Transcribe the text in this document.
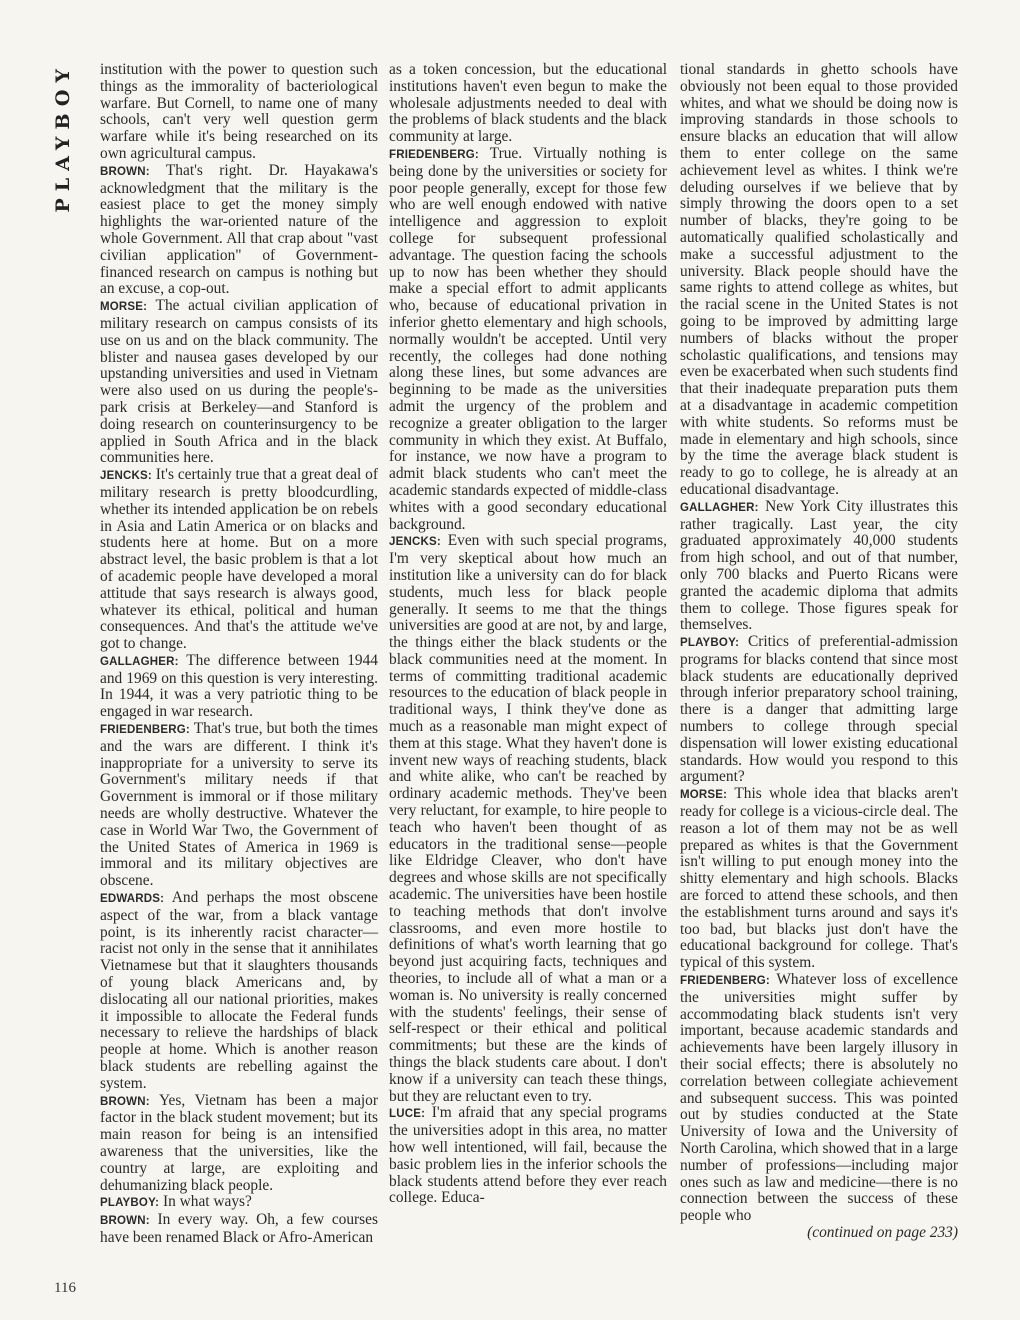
PLAYBOY institution with the power to question such things as the immorality of bacteriological warfare. But Cornell, to name one of many schools, can't very well question germ warfare while it's being researched on its own agricultural campus.

BROWN: That's right. Dr. Hayakawa's acknowledgment that the military is the easiest place to get the money simply highlights the war-oriented nature of the whole Government. All that crap about "vast civilian application" of Government-financed research on campus is nothing but an excuse, a cop-out.

MORSE: The actual civilian application of military research on campus consists of its use on us and on the black community. The blister and nausea gases developed by our upstanding universities and used in Vietnam were also used on us during the people's-park crisis at Berkeley—and Stanford is doing research on counterinsurgency to be applied in South Africa and in the black communities here.

JENCKS: It's certainly true that a great deal of military research is pretty bloodcurdling, whether its intended application be on rebels in Asia and Latin America or on blacks and students here at home. But on a more abstract level, the basic problem is that a lot of academic people have developed a moral attitude that says research is always good, whatever its ethical, political and human consequences. And that's the attitude we've got to change.

GALLAGHER: The difference between 1944 and 1969 on this question is very interesting. In 1944, it was a very patriotic thing to be engaged in war research.

FRIEDENBERG: That's true, but both the times and the wars are different. I think it's inappropriate for a university to serve its Government's military needs if that Government is immoral or if those military needs are wholly destructive. Whatever the case in World War Two, the Government of the United States of America in 1969 is immoral and its military objectives are obscene.

EDWARDS: And perhaps the most obscene aspect of the war, from a black vantage point, is its inherently racist character—racist not only in the sense that it annihilates Vietnamese but that it slaughters thousands of young black Americans and, by dislocating all our national priorities, makes it impossible to allocate the Federal funds necessary to relieve the hardships of black people at home. Which is another reason black students are rebelling against the system.

BROWN: Yes, Vietnam has been a major factor in the black student movement; but its main reason for being is an intensified awareness that the universities, like the country at large, are exploiting and dehumanizing black people.

PLAYBOY: In what ways?

BROWN: In every way. Oh, a few courses have been renamed Black or Afro-American

as a token concession, but the educational institutions haven't even begun to make the wholesale adjustments needed to deal with the problems of black students and the black community at large.

FRIEDENBERG: True. Virtually nothing is being done by the universities or society for poor people generally, except for those few who are well enough endowed with native intelligence and aggression to exploit college for subsequent professional advantage. The question facing the schools up to now has been whether they should make a special effort to admit applicants who, because of educational privation in inferior ghetto elementary and high schools, normally wouldn't be accepted. Until very recently, the colleges had done nothing along these lines, but some advances are beginning to be made as the universities admit the urgency of the problem and recognize a greater obligation to the larger community in which they exist. At Buffalo, for instance, we now have a program to admit black students who can't meet the academic standards expected of middle-class whites with a good secondary educational background.

JENCKS: Even with such special programs, I'm very skeptical about how much an institution like a university can do for black students, much less for black people generally. It seems to me that the things universities are good at are not, by and large, the things either the black students or the black communities need at the moment. In terms of committing traditional academic resources to the education of black people in traditional ways, I think they've done as much as a reasonable man might expect of them at this stage. What they haven't done is invent new ways of reaching students, black and white alike, who can't be reached by ordinary academic methods. They've been very reluctant, for example, to hire people to teach who haven't been thought of as educators in the traditional sense—people like Eldridge Cleaver, who don't have degrees and whose skills are not specifically academic. The universities have been hostile to teaching methods that don't involve classrooms, and even more hostile to definitions of what's worth learning that go beyond just acquiring facts, techniques and theories, to include all of what a man or a woman is. No university is really concerned with the students' feelings, their sense of self-respect or their ethical and political commitments; but these are the kinds of things the black students care about. I don't know if a university can teach these things, but they are reluctant even to try.

LUCE: I'm afraid that any special programs the universities adopt in this area, no matter how well intentioned, will fail, because the basic problem lies in the inferior schools the black students attend before they ever reach college. Educa-

tional standards in ghetto schools have obviously not been equal to those provided whites, and what we should be doing now is improving standards in those schools to ensure blacks an education that will allow them to enter college on the same achievement level as whites. I think we're deluding ourselves if we believe that by simply throwing the doors open to a set number of blacks, they're going to be automatically qualified scholastically and make a successful adjustment to the university. Black people should have the same rights to attend college as whites, but the racial scene in the United States is not going to be improved by admitting large numbers of blacks without the proper scholastic qualifications, and tensions may even be exacerbated when such students find that their inadequate preparation puts them at a disadvantage in academic competition with white students. So reforms must be made in elementary and high schools, since by the time the average black student is ready to go to college, he is already at an educational disadvantage.

GALLAGHER: New York City illustrates this rather tragically. Last year, the city graduated approximately 40,000 students from high school, and out of that number, only 700 blacks and Puerto Ricans were granted the academic diploma that admits them to college. Those figures speak for themselves.

PLAYBOY: Critics of preferential-admission programs for blacks contend that since most black students are educationally deprived through inferior preparatory school training, there is a danger that admitting large numbers to college through special dispensation will lower existing educational standards. How would you respond to this argument?

MORSE: This whole idea that blacks aren't ready for college is a vicious-circle deal. The reason a lot of them may not be as well prepared as whites is that the Government isn't willing to put enough money into the shitty elementary and high schools. Blacks are forced to attend these schools, and then the establishment turns around and says it's too bad, but blacks just don't have the educational background for college. That's typical of this system.

FRIEDENBERG: Whatever loss of excellence the universities might suffer by accommodating black students isn't very important, because academic standards and achievements have been largely illusory in their social effects; there is absolutely no correlation between collegiate achievement and subsequent success. This was pointed out by studies conducted at the State University of Iowa and the University of North Carolina, which showed that in a large number of professions—including major ones such as law and medicine—there is no connection between the success of these people who

(continued on page 233)

116
